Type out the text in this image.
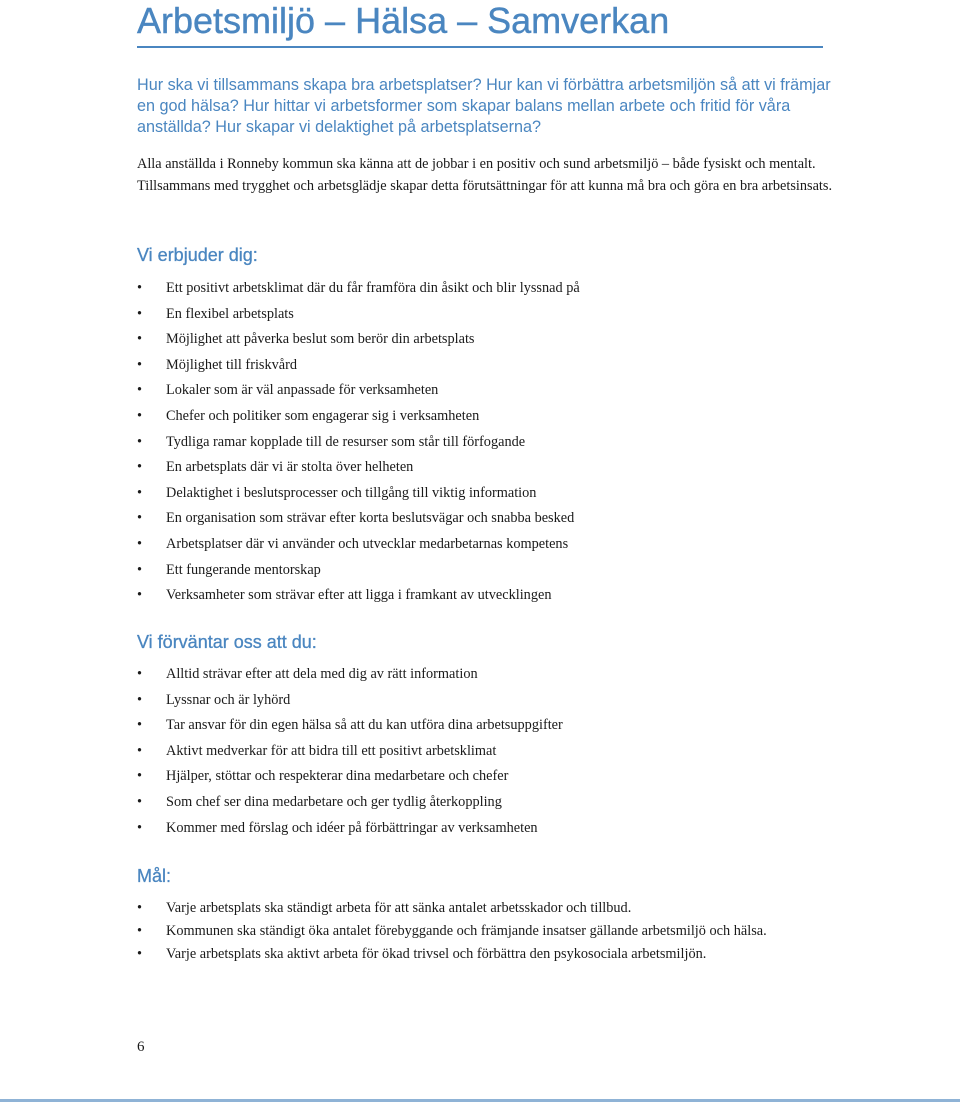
Arbetsmiljö – Hälsa – Samverkan

Hur ska vi tillsammans skapa bra arbetsplatser? Hur kan vi förbättra arbetsmiljön så att vi främjar en god hälsa? Hur hittar vi arbetsformer som skapar balans mellan arbete och fritid för våra anställda? Hur skapar vi delaktighet på arbetsplatserna?

Alla anställda i Ronneby kommun ska känna att de jobbar i en positiv och sund arbetsmiljö – både fysiskt och mentalt. Tillsammans med trygghet och arbetsglädje skapar detta förutsättningar för att kunna må bra och göra en bra arbetsinsats.

Vi erbjuder dig:
• Ett positivt arbetsklimat där du får framföra din åsikt och blir lyssnad på
• En flexibel arbetsplats
• Möjlighet att påverka beslut som berör din arbetsplats
• Möjlighet till friskvård
• Lokaler som är väl anpassade för verksamheten
• Chefer och politiker som engagerar sig i verksamheten
• Tydliga ramar kopplade till de resurser som står till förfogande
• En arbetsplats där vi är stolta över helheten
• Delaktighet i beslutsprocesser och tillgång till viktig information
• En organisation som strävar efter korta beslutsvägar och snabba besked
• Arbetsplatser där vi använder och utvecklar medarbetarnas kompetens
• Ett fungerande mentorskap
• Verksamheter som strävar efter att ligga i framkant av utvecklingen
Vi förväntar oss att du:
• Alltid strävar efter att dela med dig av rätt information
• Lyssnar och är lyhörd
• Tar ansvar för din egen hälsa så att du kan utföra dina arbetsuppgifter
• Aktivt medverkar för att bidra till ett positivt arbetsklimat
• Hjälper, stöttar och respekterar dina medarbetare och chefer
• Som chef ser dina medarbetare och ger tydlig återkoppling
• Kommer med förslag och idéer på förbättringar av verksamheten
Mål:
• Varje arbetsplats ska ständigt arbeta för att sänka antalet arbetsskador och tillbud.
• Kommunen ska ständigt öka antalet förebyggande och främjande insatser gällande arbetsmiljö och hälsa.
• Varje arbetsplats ska aktivt arbeta för ökad trivsel och förbättra den psykosociala arbetsmiljön.
6
